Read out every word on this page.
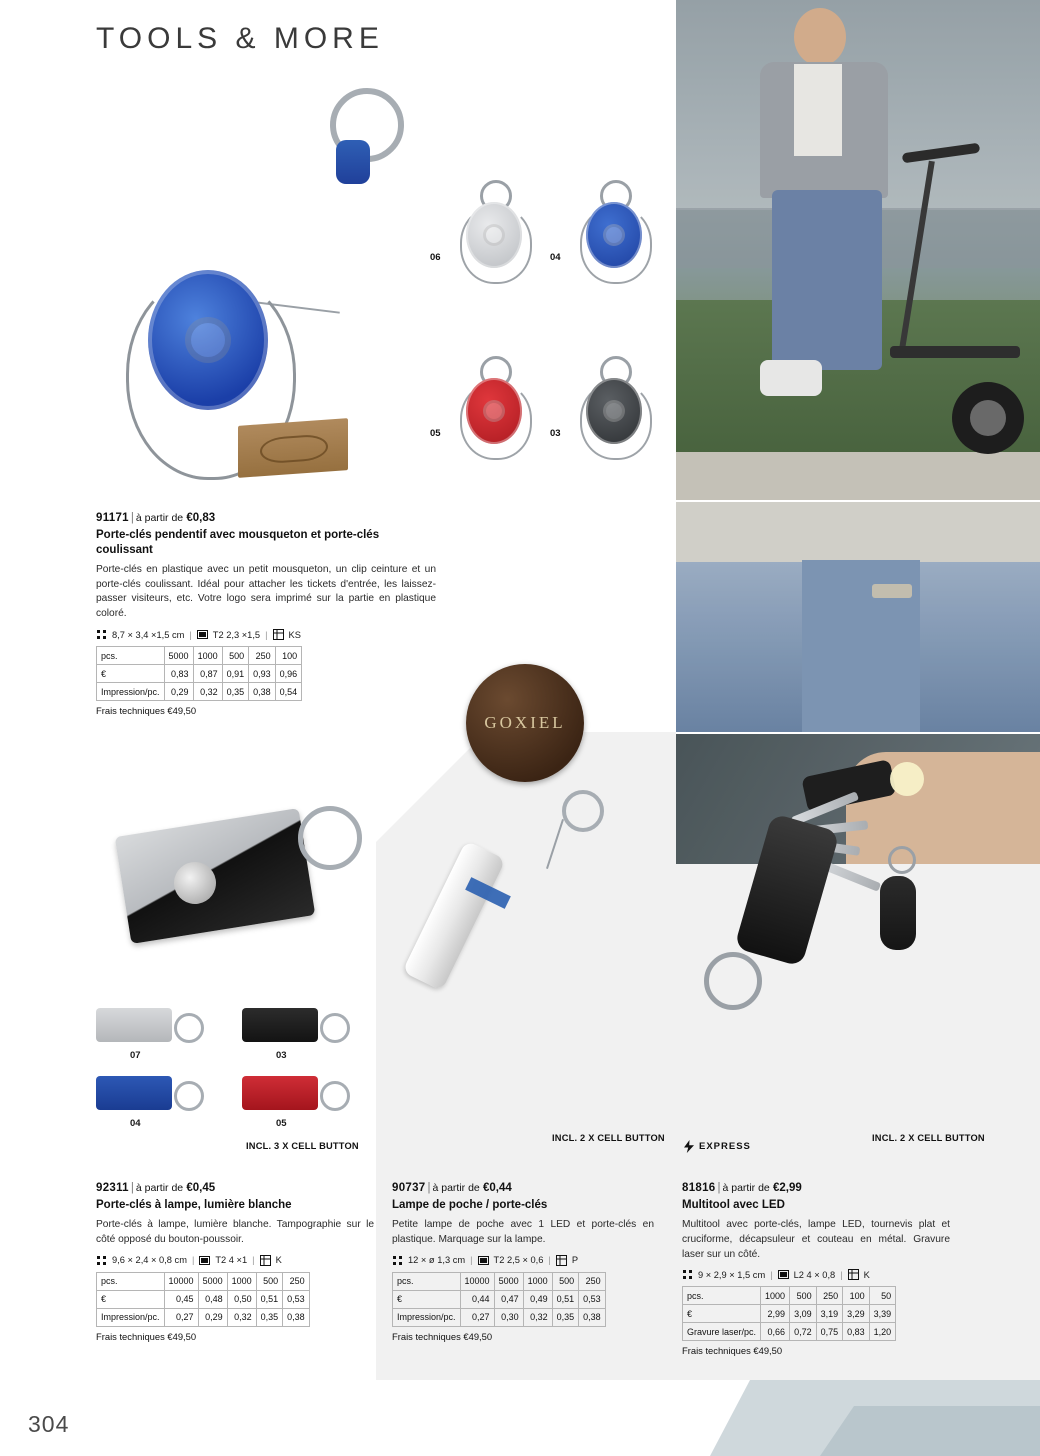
TOOLS & MORE
06	04
05	03
GOXIEL
91171 | à partir de €0,83
Porte-clés pendentif avec mousqueton et porte-clés coulissant
Porte-clés en plastique avec un petit mousqueton, un clip ceinture et un porte-clés coulissant. Idéal pour attacher les tickets d'entrée, les laissez-passer visiteurs, etc. Votre logo sera imprimé sur la partie en plastique coloré.
8,7 × 3,4 ×1,5 cm | T2 2,3 ×1,5 | KS
pcs.	5000	1000	500	250	100
€	0,83	0,87	0,91	0,93	0,96
Impression/pc.	0,29	0,32	0,35	0,38	0,54
Frais techniques €49,50
07	03
04	05
INCL. 3 X CELL BUTTON
92311 | à partir de €0,45
Porte-clés à lampe, lumière blanche
Porte-clés à lampe, lumière blanche. Tampographie sur le côté opposé du bouton-poussoir.
9,6 × 2,4 × 0,8 cm | T2 4 ×1 | K
pcs.	10000	5000	1000	500	250
€	0,45	0,48	0,50	0,51	0,53
Impression/pc.	0,27	0,29	0,32	0,35	0,38
Frais techniques €49,50
INCL. 2 X CELL BUTTON
90737 | à partir de €0,44
Lampe de poche / porte-clés
Petite lampe de poche avec 1 LED et porte-clés en plastique. Marquage sur la lampe.
12 × ø 1,3 cm | T2 2,5 × 0,6 | P
pcs.	10000	5000	1000	500	250
€	0,44	0,47	0,49	0,51	0,53
Impression/pc.	0,27	0,30	0,32	0,35	0,38
Frais techniques €49,50
EXPRESS
INCL. 2 X CELL BUTTON
81816 | à partir de €2,99
Multitool avec LED
Multitool avec porte-clés, lampe LED, tournevis plat et cruciforme, décapsuleur et couteau en métal. Gravure laser sur un côté.
9 × 2,9 × 1,5 cm | L2 4 × 0,8 | K
pcs.	1000	500	250	100	50
€	2,99	3,09	3,19	3,29	3,39
Gravure laser/pc.	0,66	0,72	0,75	0,83	1,20
Frais techniques €49,50
304
